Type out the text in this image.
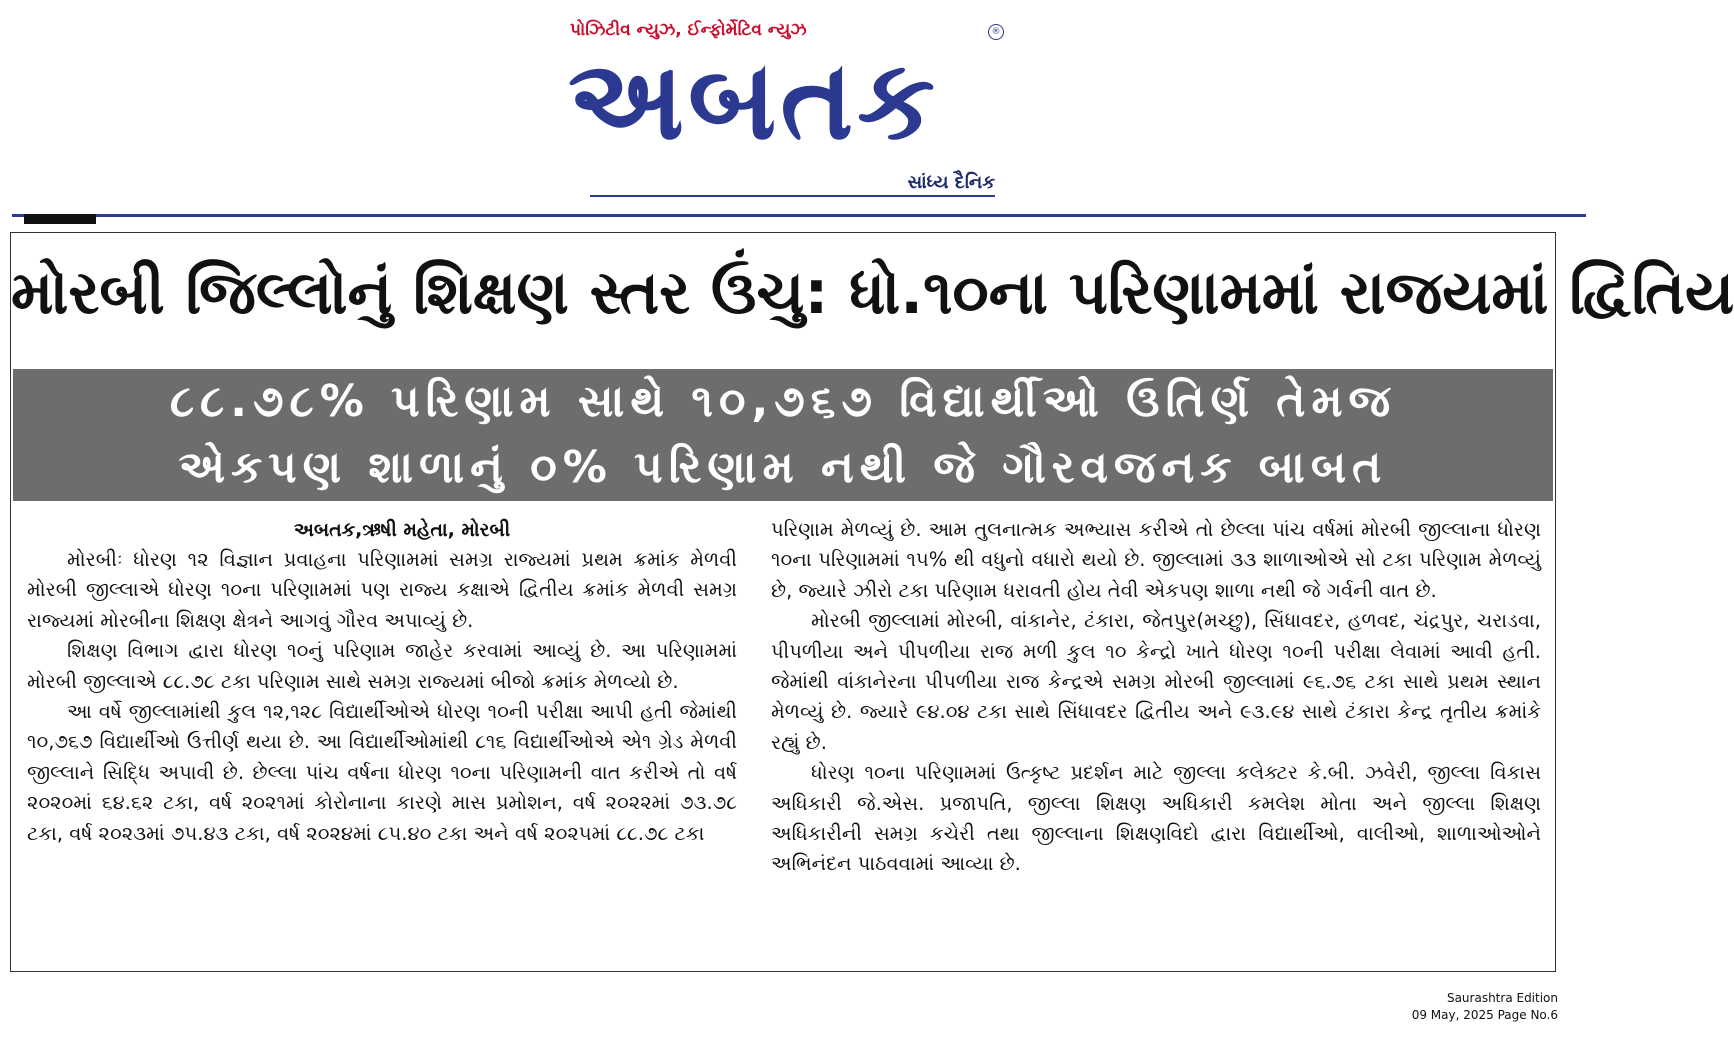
પોઝિટીવ ન્યુઝ, ઈન્ફોર્મેટિવ ન્યુઝ
અબતક
®
સાંધ્ય દૈનિક
મોરબી જિલ્લોનું શિક્ષણ સ્તર ઉંચુ: ધો.૧૦ના પરિણામમાં રાજયમાં દ્વિતિય
૮૮.૭૮% પરિણામ સાથે ૧૦,૭૬૭ વિદ્યાર્થીઓ ઉતિર્ણ તેમજ
એકપણ શાળાનું ૦% પરિણામ નથી જે ગૌરવજનક બાબત

અબતક,ઋષી મહેતા, મોરબી

મોરબીઃ ધોરણ ૧૨ વિજ્ઞાન પ્રવાહના પરિણામમાં સમગ્ર રાજ્યમાં પ્રથમ ક્રમાંક મેળવી મોરબી જીલ્લાએ ધોરણ ૧૦ના પરિણામમાં પણ રાજ્ય કક્ષાએ દ્વિતીય ક્રમાંક મેળવી સમગ્ર રાજ્યમાં મોરબીના શિક્ષણ ક્ષેત્રને આગવું ગૌરવ અપાવ્યું છે.

શિક્ષણ વિભાગ દ્વારા ધોરણ ૧૦નું પરિણામ જાહેર કરવામાં આવ્યું છે. આ પરિણામમાં મોરબી જીલ્લાએ ૮૮.૭૮ ટકા પરિણામ સાથે સમગ્ર રાજ્યમાં બીજો ક્રમાંક મેળવ્યો છે.

આ વર્ષે જીલ્લામાંથી કુલ ૧૨,૧૨૮ વિદ્યાર્થીઓએ ધોરણ ૧૦ની પરીક્ષા આપી હતી જેમાંથી ૧૦,૭૬૭ વિદ્યાર્થીઓ ઉત્તીર્ણ થયા છે. આ વિદ્યાર્થીઓમાંથી ૮૧૬ વિદ્યાર્થીઓએ એ૧ ગ્રેડ મેળવી જીલ્લાને સિદ્ધિ અપાવી છે. છેલ્લા પાંચ વર્ષના ધોરણ ૧૦ના પરિણામની વાત કરીએ તો વર્ષ ૨૦૨૦માં ૬૪.૬૨ ટકા, વર્ષ ૨૦૨૧માં કોરોનાના કારણે માસ પ્રમોશન, વર્ષ ૨૦૨૨માં ૭૩.૭૮ ટકા, વર્ષ ૨૦૨૩માં ૭૫.૪૩ ટકા, વર્ષ ૨૦૨૪માં ૮૫.૪૦ ટકા અને વર્ષ ૨૦૨૫માં ૮૮.૭૮ ટકા

પરિણામ મેળવ્યું છે. આમ તુલનાત્મક અભ્યાસ કરીએ તો છેલ્લા પાંચ વર્ષમાં મોરબી જીલ્લાના ધોરણ ૧૦ના પરિણામમાં ૧૫% થી વધુનો વધારો થયો છે. જીલ્લામાં ૩૩ શાળાઓએ સો ટકા પરિણામ મેળવ્યું છે, જ્યારે ઝીરો ટકા પરિણામ ધરાવતી હોય તેવી એકપણ શાળા નથી જે ગર્વની વાત છે.

મોરબી જીલ્લામાં મોરબી, વાંકાનેર, ટંકારા, જેતપુર(મચ્છુ), સિંધાવદર, હળવદ, ચંદ્રપુર, ચરાડવા, પીપળીયા અને પીપળીયા રાજ મળી કુલ ૧૦ કેન્દ્રો ખાતે ધોરણ ૧૦ની પરીક્ષા લેવામાં આવી હતી. જેમાંથી વાંકાનેરના પીપળીયા રાજ કેન્દ્રએ સમગ્ર મોરબી જીલ્લામાં ૯૬.૭૬ ટકા સાથે પ્રથમ સ્થાન મેળવ્યું છે. જ્યારે ૯૪.૦૪ ટકા સાથે સિંધાવદર દ્વિતીય અને ૯૩.૯૪ સાથે ટંકારા કેન્દ્ર તૃતીય ક્રમાંકે રહ્યું છે.

ધોરણ ૧૦ના પરિણામમાં ઉત્કૃષ્ટ પ્રદર્શન માટે જીલ્લા કલેક્ટર કે.બી. ઝવેરી, જીલ્લા વિકાસ અધિકારી જે.એસ. પ્રજાપતિ, જીલ્લા શિક્ષણ અધિકારી કમલેશ મોતા અને જીલ્લા શિક્ષણ અધિકારીની સમગ્ર કચેરી તથા જીલ્લાના શિક્ષણવિદો દ્વારા વિદ્યાર્થીઓ, વાલીઓ, શાળાઓઓને અભિનંદન પાઠવવામાં આવ્યા છે.

Saurashtra Edition
09 May, 2025 Page No.6
